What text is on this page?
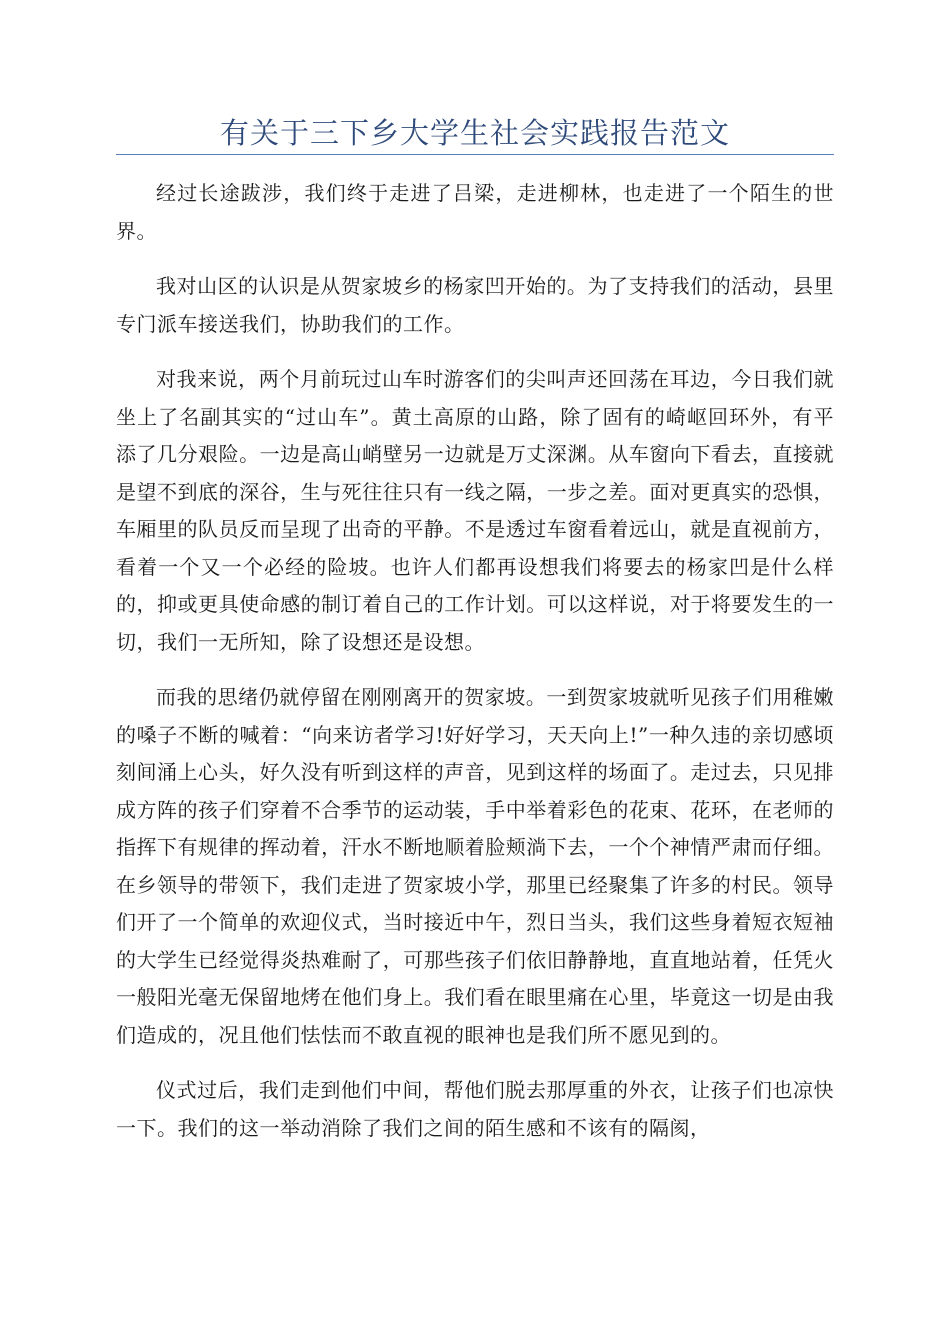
有关于三下乡大学生社会实践报告范文

经过长途跋涉，我们终于走进了吕梁，走进柳林，也走进了一个陌生的世界。

我对山区的认识是从贺家坡乡的杨家凹开始的。为了支持我们的活动，县里专门派车接送我们，协助我们的工作。

对我来说，两个月前玩过山车时游客们的尖叫声还回荡在耳边，今日我们就坐上了名副其实的“过山车”。黄土高原的山路，除了固有的崎岖回环外，有平添了几分艰险。一边是高山峭壁另一边就是万丈深渊。从车窗向下看去，直接就是望不到底的深谷，生与死往往只有一线之隔，一步之差。面对更真实的恐惧，车厢里的队员反而呈现了出奇的平静。不是透过车窗看着远山，就是直视前方，看着一个又一个必经的险坡。也许人们都再设想我们将要去的杨家凹是什么样的，抑或更具使命感的制订着自己的工作计划。可以这样说，对于将要发生的一切，我们一无所知，除了设想还是设想。

而我的思绪仍就停留在刚刚离开的贺家坡。一到贺家坡就听见孩子们用稚嫩的嗓子不断的喊着：“向来访者学习!好好学习，天天向上!”一种久违的亲切感顷刻间涌上心头，好久没有听到这样的声音，见到这样的场面了。走过去，只见排成方阵的孩子们穿着不合季节的运动装，手中举着彩色的花束、花环，在老师的指挥下有规律的挥动着，汗水不断地顺着脸颊淌下去，一个个神情严肃而仔细。在乡领导的带领下，我们走进了贺家坡小学，那里已经聚集了许多的村民。领导们开了一个简单的欢迎仪式，当时接近中午，烈日当头，我们这些身着短衣短袖的大学生已经觉得炎热难耐了，可那些孩子们依旧静静地，直直地站着，任凭火一般阳光毫无保留地烤在他们身上。我们看在眼里痛在心里，毕竟这一切是由我们造成的，况且他们怯怯而不敢直视的眼神也是我们所不愿见到的。

仪式过后，我们走到他们中间，帮他们脱去那厚重的外衣，让孩子们也凉快一下。我们的这一举动消除了我们之间的陌生感和不该有的隔阂，
